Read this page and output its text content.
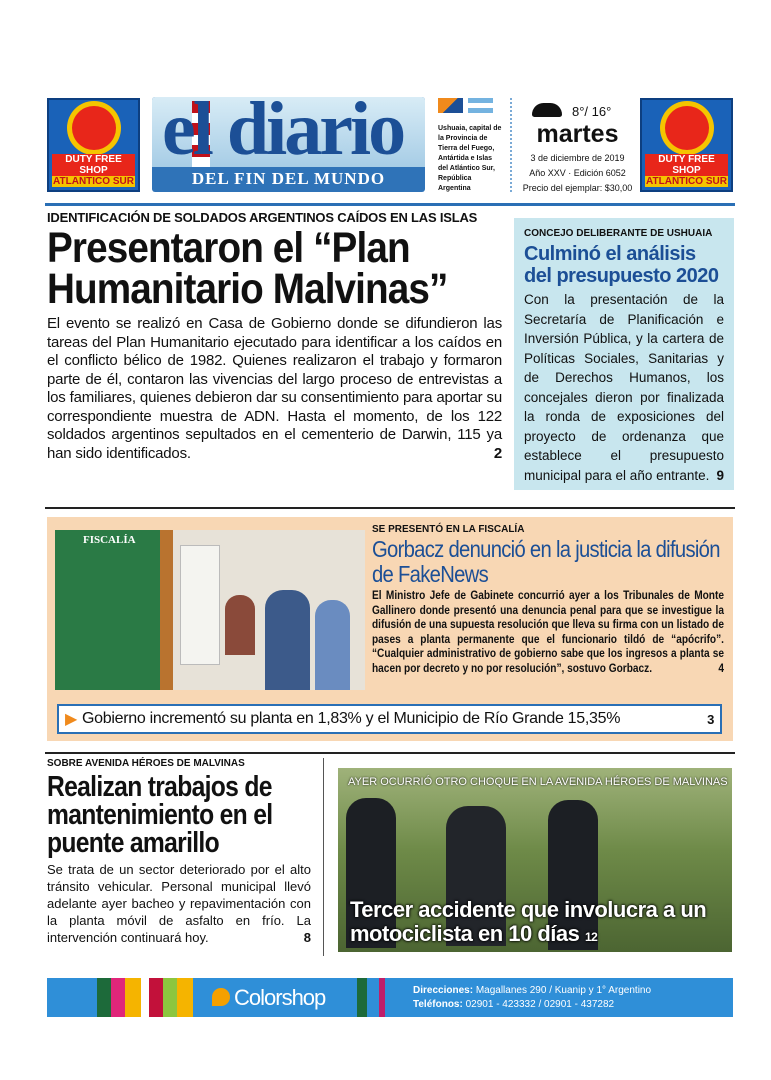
DUTY FREE SHOP
ATLANTICO SUR
el diario
DEL FIN DEL MUNDO
Ushuaia, capital de la Provincia de Tierra del Fuego, Antártida e Islas del Atlántico Sur, República Argentina
8°/ 16°
martes
3 de diciembre de 2019
Año XXV · Edición 6052
Precio del ejemplar: $30,00
DUTY FREE SHOP
ATLANTICO SUR
IDENTIFICACIÓN DE SOLDADOS ARGENTINOS CAÍDOS EN LAS ISLAS
Presentaron el “Plan Humanitario Malvinas”
El evento se realizó en Casa de Gobierno donde se difundieron las tareas del Plan Humanitario ejecutado para identificar a los caídos en el conflicto bélico de 1982. Quienes realizaron el trabajo y formaron parte de él, contaron las vivencias del largo proceso de entrevistas a los familiares, quienes debieron dar su consentimiento para aportar su correspondiente muestra de ADN. Hasta el momento, de los 122 soldados argentinos sepultados en el cementerio de Darwin, 115 ya han sido identificados.	2
CONCEJO DELIBERANTE DE USHUAIA
Culminó el análisis del presupuesto 2020
Con la presentación de la Secretaría de Planificación e Inversión Pública, y la cartera de Políticas Sociales, Sanitarias y de Derechos Humanos, los concejales dieron por finalizada la ronda de exposiciones del proyecto de ordenanza que establece el presupuesto municipal para el año entrante. 9
FISCALÍA
SE PRESENTÓ EN LA FISCALÍA
Gorbacz denunció en la justicia la difusión de FakeNews
El Ministro Jefe de Gabinete concurrió ayer a los Tribunales de Monte Gallinero donde presentó una denuncia penal para que se investigue la difusión de una supuesta resolución que lleva su firma con un listado de pases a planta permanente que el funcionario tildó de “apócrifo”. “Cualquier administrativo de gobierno sabe que los ingresos a planta se hacen por decreto y no por resolución”, sostuvo Gorbacz.	4
▶ Gobierno incrementó su planta en 1,83% y el Municipio de Río Grande 15,35%	3
SOBRE AVENIDA HÉROES DE MALVINAS
Realizan trabajos de mantenimiento en el puente amarillo
Se trata de un sector deteriorado por el alto tránsito vehicular. Personal municipal llevó adelante ayer bacheo y repavimentación con la planta móvil de asfalto en frío. La intervención continuará hoy.	8
AYER OCURRIÓ OTRO CHOQUE EN LA AVENIDA HÉROES DE MALVINAS
Tercer accidente que involucra a un motociclista en 10 días 12
Colorshop	Direcciones: Magallanes 290 / Kuanip y 1° Argentino
Teléfonos: 02901 - 423332 / 02901 - 437282
